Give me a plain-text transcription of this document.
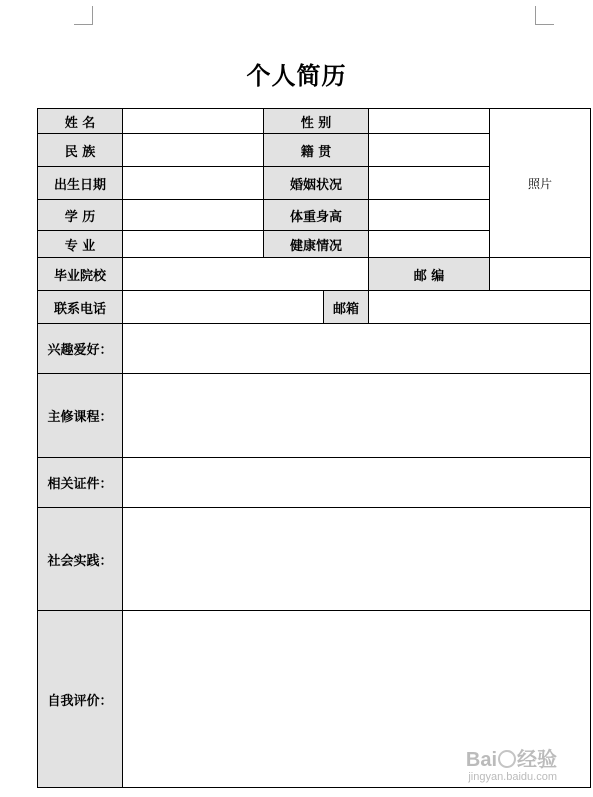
个人简历
姓 名	性 别
照片
民 族	籍 贯
出生日期	婚姻状况
学 历	体重身高
专 业	健康情况
毕业院校	邮 编
联系电话	邮箱
兴趣爱好：
主修课程：
相关证件：
社会实践：
自我评价：
Bai 经验
jingyan.baidu.com
